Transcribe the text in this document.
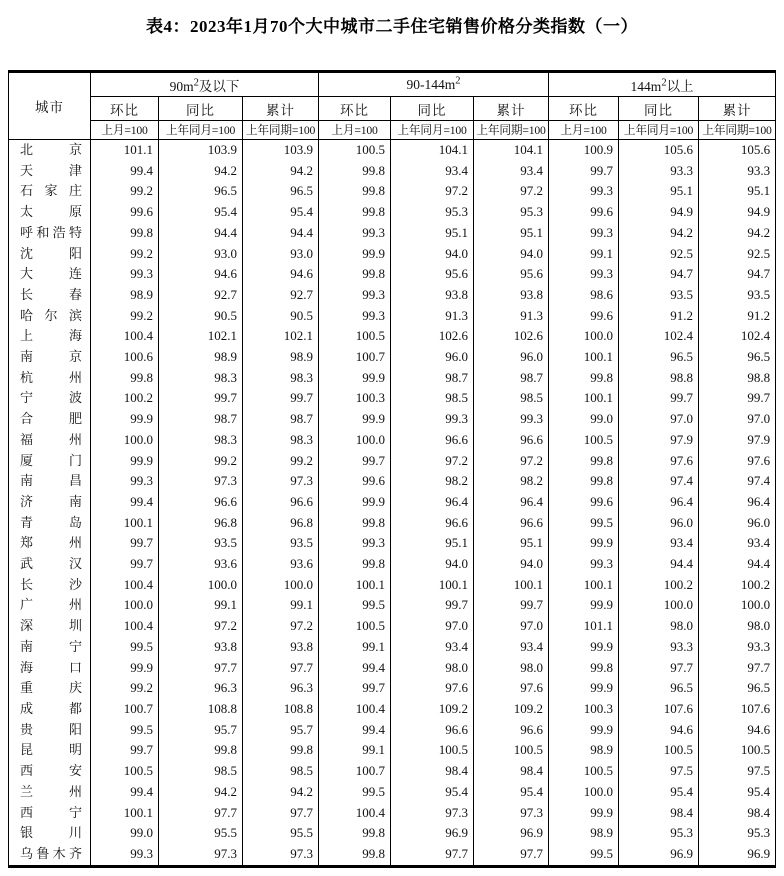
表4：2023年1月70个大中城市二手住宅销售价格分类指数（一）
城市	$90m^2$及以下			$90-144m^2$			$144m^2$以上		
	环比	同比	累计	环比	同比	累计	环比	同比	累计
	上月=100	上年同月=100	上年同期=100	上月=100	上年同月=100	上年同期=100	上月=100	上年同月=100	上年同期=100

北京	101.1	103.9	103.9	100.5	104.1	104.1	100.9	105.6	105.6

天津	99.4	94.2	94.2	99.8	93.4	93.4	99.7	93.3	93.3

石家庄	99.2	96.5	96.5	99.8	97.2	97.2	99.3	95.1	95.1

太原	99.6	95.4	95.4	99.8	95.3	95.3	99.6	94.9	94.9

呼和浩特	99.8	94.4	94.4	99.3	95.1	95.1	99.3	94.2	94.2

沈阳	99.2	93.0	93.0	99.9	94.0	94.0	99.1	92.5	92.5

大连	99.3	94.6	94.6	99.8	95.6	95.6	99.3	94.7	94.7

长春	98.9	92.7	92.7	99.3	93.8	93.8	98.6	93.5	93.5

哈尔滨	99.2	90.5	90.5	99.3	91.3	91.3	99.6	91.2	91.2

上海	100.4	102.1	102.1	100.5	102.6	102.6	100.0	102.4	102.4

南京	100.6	98.9	98.9	100.7	96.0	96.0	100.1	96.5	96.5

杭州	99.8	98.3	98.3	99.9	98.7	98.7	99.8	98.8	98.8

宁波	100.2	99.7	99.7	100.3	98.5	98.5	100.1	99.7	99.7

合肥	99.9	98.7	98.7	99.9	99.3	99.3	99.0	97.0	97.0

福州	100.0	98.3	98.3	100.0	96.6	96.6	100.5	97.9	97.9

厦门	99.9	99.2	99.2	99.7	97.2	97.2	99.8	97.6	97.6

南昌	99.3	97.3	97.3	99.6	98.2	98.2	99.8	97.4	97.4

济南	99.4	96.6	96.6	99.9	96.4	96.4	99.6	96.4	96.4

青岛	100.1	96.8	96.8	99.8	96.6	96.6	99.5	96.0	96.0

郑州	99.7	93.5	93.5	99.3	95.1	95.1	99.9	93.4	93.4

武汉	99.7	93.6	93.6	99.8	94.0	94.0	99.3	94.4	94.4

长沙	100.4	100.0	100.0	100.1	100.1	100.1	100.1	100.2	100.2

广州	100.0	99.1	99.1	99.5	99.7	99.7	99.9	100.0	100.0

深圳	100.4	97.2	97.2	100.5	97.0	97.0	101.1	98.0	98.0

南宁	99.5	93.8	93.8	99.1	93.4	93.4	99.9	93.3	93.3

海口	99.9	97.7	97.7	99.4	98.0	98.0	99.8	97.7	97.7

重庆	99.2	96.3	96.3	99.7	97.6	97.6	99.9	96.5	96.5

成都	100.7	108.8	108.8	100.4	109.2	109.2	100.3	107.6	107.6

贵阳	99.5	95.7	95.7	99.4	96.6	96.6	99.9	94.6	94.6

昆明	99.7	99.8	99.8	99.1	100.5	100.5	98.9	100.5	100.5

西安	100.5	98.5	98.5	100.7	98.4	98.4	100.5	97.5	97.5

兰州	99.4	94.2	94.2	99.5	95.4	95.4	100.0	95.4	95.4

西宁	100.1	97.7	97.7	100.4	97.3	97.3	99.9	98.4	98.4

银川	99.0	95.5	95.5	99.8	96.9	96.9	98.9	95.3	95.3

乌鲁木齐	99.3	97.3	97.3	99.8	97.7	97.7	99.5	96.9	96.9
